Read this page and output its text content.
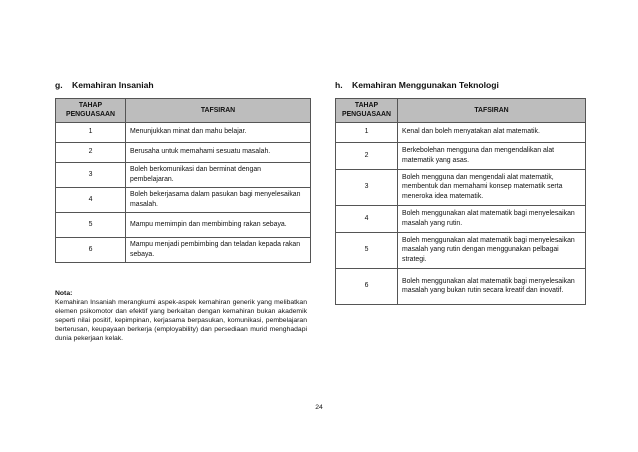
g. Kemahiran Insaniah
TAHAP
PENGUASAAN	TAFSIRAN
1	Menunjukkan minat dan mahu belajar.
2	Berusaha untuk memahami sesuatu masalah.
3	Boleh berkomunikasi dan berminat dengan pembelajaran.
4	Boleh bekerjasama dalam pasukan bagi menyelesaikan masalah.
5	Mampu memimpin dan membimbing rakan sebaya.
6	Mampu menjadi pembimbing dan teladan kepada rakan sebaya.
Nota:
Kemahiran Insaniah merangkumi aspek-aspek kemahiran generik yang melibatkan elemen psikomotor dan efektif yang berkaitan dengan kemahiran bukan akademik seperti nilai positif, kepimpinan, kerjasama berpasukan, komunikasi, pembelajaran berterusan, keupayaan berkerja (employability) dan persediaan murid menghadapi dunia pekerjaan kelak.
h. Kemahiran Menggunakan Teknologi
TAHAP
PENGUASAAN	TAFSIRAN
1	Kenal dan boleh menyatakan alat matematik.
2	Berkebolehan mengguna dan mengendalikan alat matematik yang asas.
3	Boleh mengguna dan mengendali alat matematik, membentuk dan memahami konsep matematik serta meneroka idea matematik.
4	Boleh menggunakan alat matematik bagi menyelesaikan masalah yang rutin.
5	Boleh menggunakan alat matematik bagi menyelesaikan masalah yang rutin dengan menggunakan pelbagai strategi.
6	Boleh menggunakan alat matematik bagi menyelesaikan masalah yang bukan rutin secara kreatif dan inovatif.
24
